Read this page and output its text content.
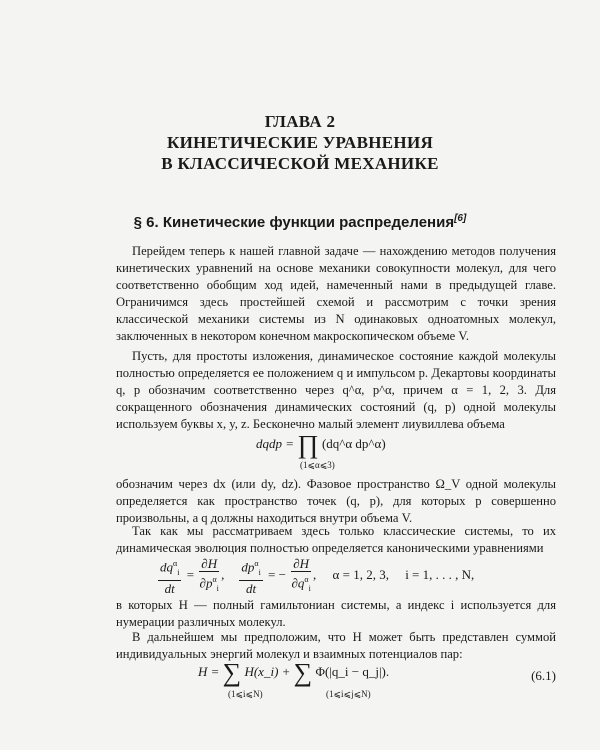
ГЛАВА 2
КИНЕТИЧЕСКИЕ УРАВНЕНИЯ
В КЛАССИЧЕСКОЙ МЕХАНИКЕ
§ 6. Кинетические функции распределения[6]
Перейдем теперь к нашей главной задаче — нахождению методов получения кинетических уравнений на основе механики совокупности молекул, для чего соответственно обобщим ход идей, намеченный нами в предыдущей главе. Ограничимся здесь простейшей схемой и рассмотрим с точки зрения классической механики системы из N одинаковых одноатомных молекул, заключенных в некотором конечном макроскопическом объеме V.
Пусть, для простоты изложения, динамическое состояние каждой молекулы полностью определяется ее положением q и импульсом p. Декартовы координаты q, p обозначим соответственно через q^α, p^α, причем α = 1, 2, 3. Для сокращенного обозначения динамических состояний (q, p) одной молекулы используем буквы x, y, z. Бесконечно малый элемент лиувиллева объема
dqdp = ∏ (dq^α dp^α)
(1⩽α⩽3)
обозначим через dx (или dy, dz). Фазовое пространство Ω_V одной молекулы определяется как пространство точек (q, p), для которых p совершенно произвольны, а q должны находиться внутри объема V.
Так как мы рассматриваем здесь только классические системы, то их динамическая эволюция полностью определяется каноническими уравнениями
$\frac{dq^\alpha_i}{dt} = \frac{\partial H}{\partial p^\alpha_i}$ , $\frac{dp^\alpha_i}{dt}$ = − $\frac{\partial H}{\partial q^\alpha_i}$ ,     α = 1, 2, 3,     i = 1, . . . , N,
в которых H — полный гамильтониан системы, а индекс i используется для нумерации различных молекул.
В дальнейшем мы предположим, что H может быть представлен суммой индивидуальных энергий молекул и взаимных потенциалов пар:
H = ∑ H(x_i) + ∑ Φ(|q_i − q_j|).
(1⩽i⩽N)	(1⩽i⩽j⩽N)
(6.1)
